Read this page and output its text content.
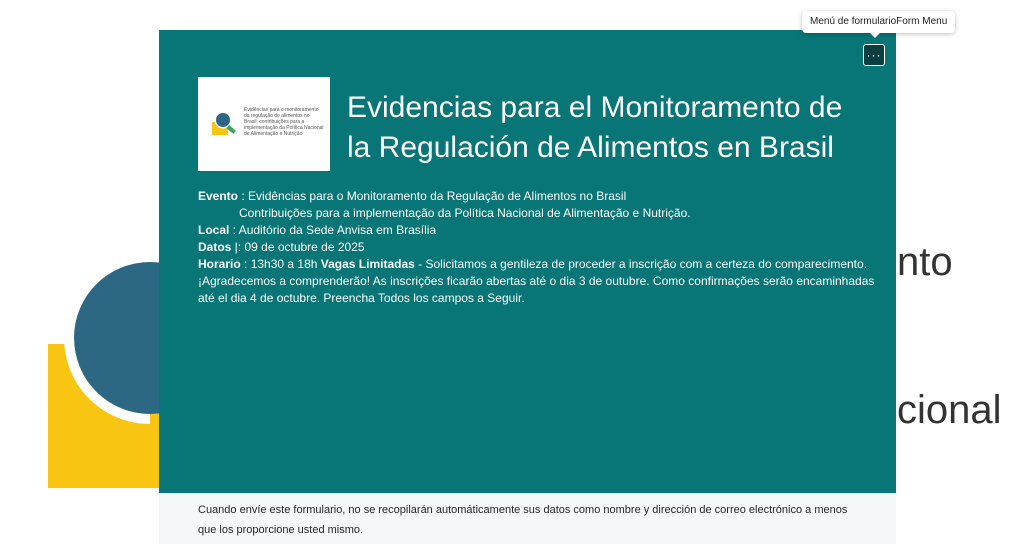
nto
cional
Evidências para o monitoramento da regulação de alimentos no Brasil: contribuições para a implementação da Política Nacional de Alimentação e Nutrição
Evidencias para el Monitoramento de la Regulación de Alimentos en Brasil

Evento : Evidências para o Monitoramento da Regulação de Alimentos no Brasil

Contribuições para a implementação da Política Nacional de Alimentação e Nutrição.

Local : Auditório da Sede Anvisa em Brasília

Datos |: 09 de octubre de 2025

Horario : 13h30 a 18h Vagas Limitadas - Solicitamos a gentileza de proceder a inscrição com a certeza do comparecimento. ¡Agradecemos a comprenderão! As inscrições ficarão abertas até o dia 3 de outubre. Como confirmações serão encaminhadas até el dia 4 de octubre. Preencha Todos los campos a Seguir.

···
Menú de formularioForm Menu
Cuando envíe este formulario, no se recopilarán automáticamente sus datos como nombre y dirección de correo electrónico a menos que los proporcione usted mismo.
